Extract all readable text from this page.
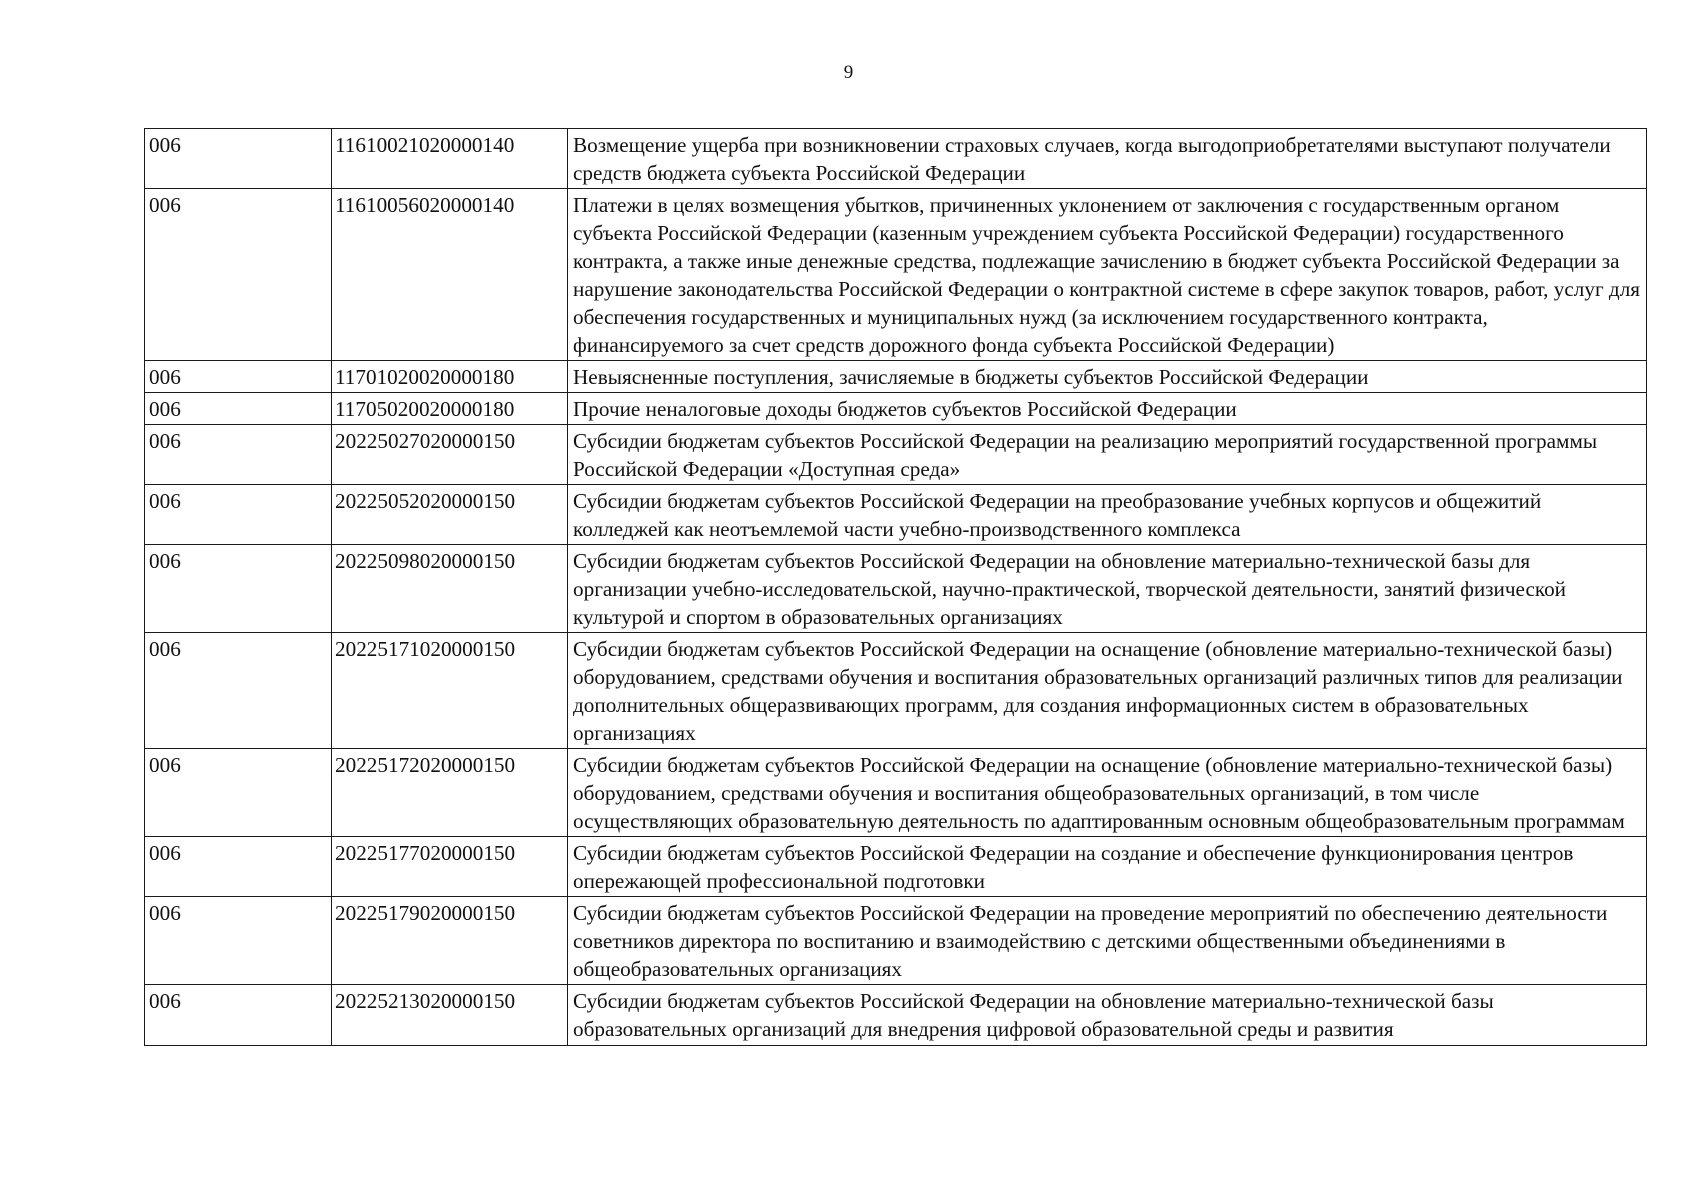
9
006	11610021020000140	Возмещение ущерба при возникновении страховых случаев, когда выгодоприобретателями выступают получатели средств бюджета субъекта Российской Федерации
006	11610056020000140	Платежи в целях возмещения убытков, причиненных уклонением от заключения с государственным органом субъекта Российской Федерации (казенным учреждением субъекта Российской Федерации) государственного контракта, а также иные денежные средства, подлежащие зачислению в бюджет субъекта Российской Федерации за нарушение законодательства Российской Федерации о контрактной системе в сфере закупок товаров, работ, услуг для обеспечения государственных и муниципальных нужд (за исключением государственного контракта, финансируемого за счет средств дорожного фонда субъекта Российской Федерации)
006	11701020020000180	Невыясненные поступления, зачисляемые в бюджеты субъектов Российской Федерации
006	11705020020000180	Прочие неналоговые доходы бюджетов субъектов Российской Федерации
006	20225027020000150	Субсидии бюджетам субъектов Российской Федерации на реализацию мероприятий государственной программы Российской Федерации «Доступная среда»
006	20225052020000150	Субсидии бюджетам субъектов Российской Федерации на преобразование учебных корпусов и общежитий колледжей как неотъемлемой части учебно-производственного комплекса
006	20225098020000150	Субсидии бюджетам субъектов Российской Федерации на обновление материально-технической базы для организации учебно-исследовательской, научно-практической, творческой деятельности, занятий физической культурой и спортом в образовательных организациях
006	20225171020000150	Субсидии бюджетам субъектов Российской Федерации на оснащение (обновление материально-технической базы) оборудованием, средствами обучения и воспитания образовательных организаций различных типов для реализации дополнительных общеразвивающих программ, для создания информационных систем в образовательных организациях
006	20225172020000150	Субсидии бюджетам субъектов Российской Федерации на оснащение (обновление материально-технической базы) оборудованием, средствами обучения и воспитания общеобразовательных организаций, в том числе осуществляющих образовательную деятельность по адаптированным основным общеобразовательным программам
006	20225177020000150	Субсидии бюджетам субъектов Российской Федерации на создание и обеспечение функционирования центров опережающей профессиональной подготовки
006	20225179020000150	Субсидии бюджетам субъектов Российской Федерации на проведение мероприятий по обеспечению деятельности советников директора по воспитанию и взаимодействию с детскими общественными объединениями в общеобразовательных организациях
006	20225213020000150	Субсидии бюджетам субъектов Российской Федерации на обновление материально-технической базы образовательных организаций для внедрения цифровой образовательной среды и развития
